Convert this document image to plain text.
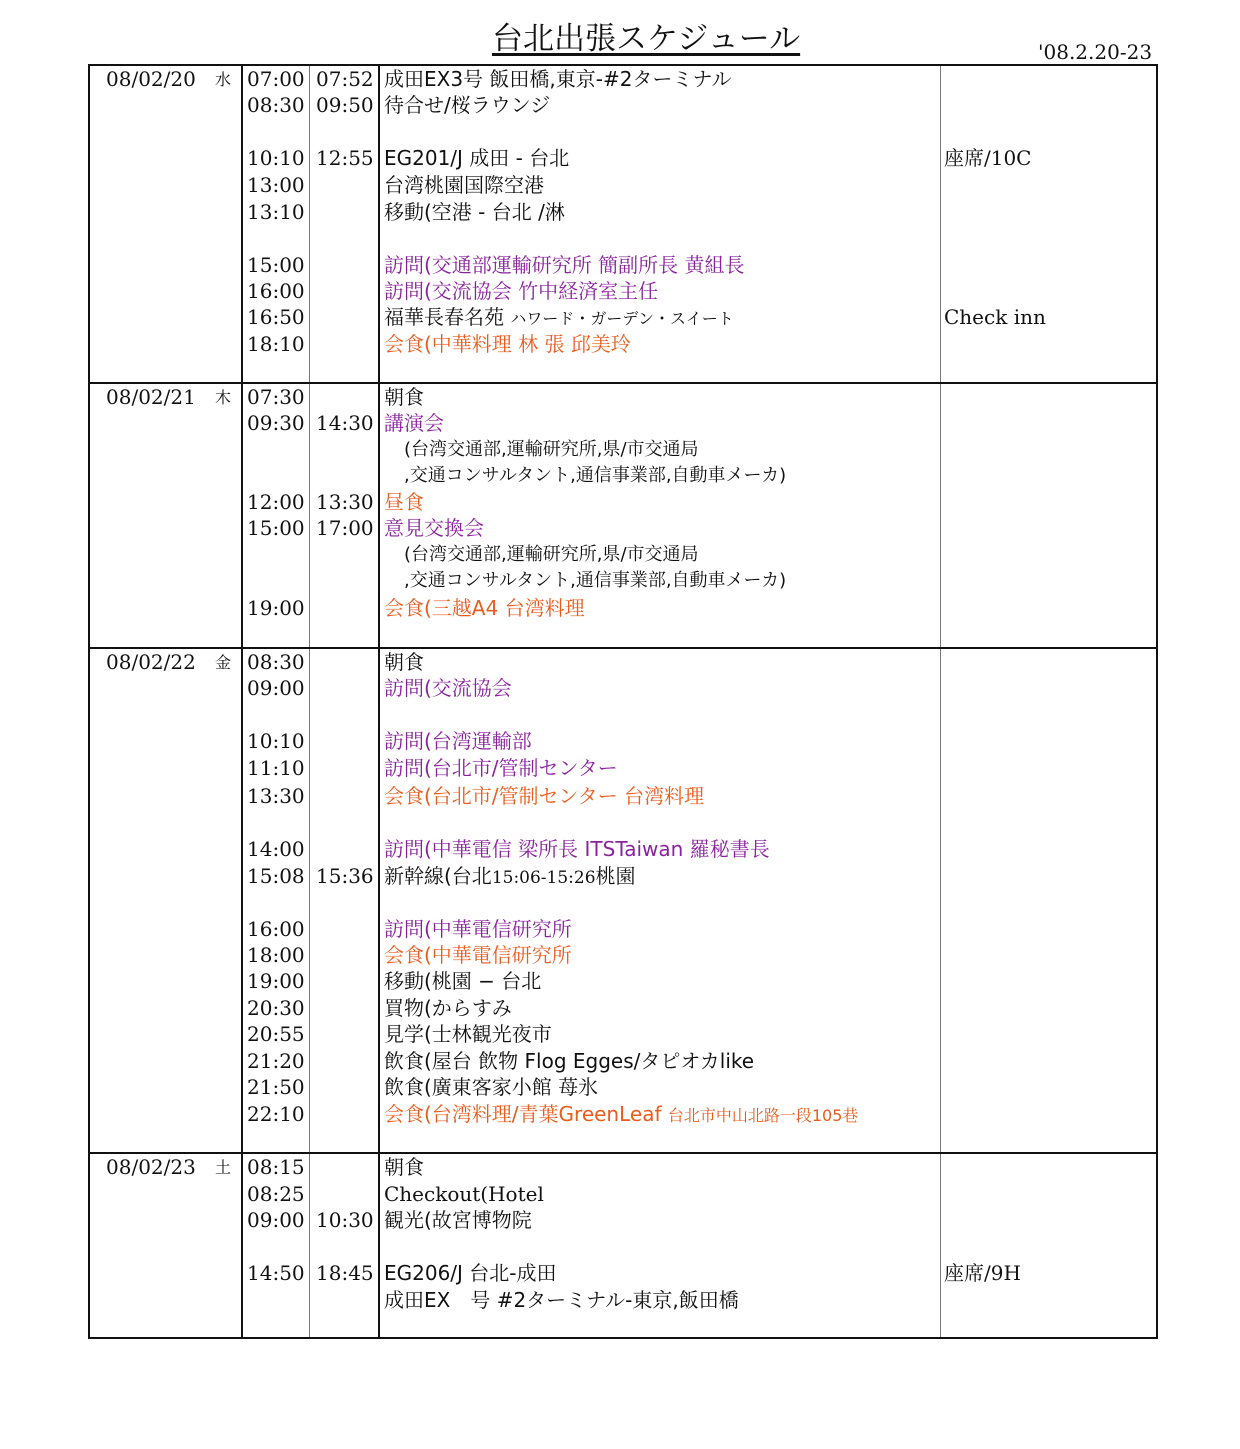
台北出張スケジュール	'08.2.20-23
08/02/20 水 07:00 07:52 成田EX3号 飯田橋,東京-#2ターミナル
08:30 09:50 待合せ/桜ラウンジ
10:10 12:55 EG201/J 成田 - 台北	座席/10C
13:00	台湾桃園国際空港
13:10	移動(空港 - 台北 /淋
15:00	訪問(交通部運輸研究所 簡副所長 黄組長
16:00	訪問(交流協会 竹中経済室主任
16:50	福華長春名苑 ハワード・ガーデン・スイート	Check inn
18:10	会食(中華料理 林 張 邱美玲
08/02/21 木 07:30	朝食
09:30 14:30 講演会
(台湾交通部,運輸研究所,県/市交通局
,交通コンサルタント,通信事業部,自動車メーカ)
12:00 13:30 昼食
15:00 17:00 意見交換会
(台湾交通部,運輸研究所,県/市交通局
,交通コンサルタント,通信事業部,自動車メーカ)
19:00	会食(三越A4 台湾料理
08/02/22 金 08:30	朝食
09:00	訪問(交流協会
10:10	訪問(台湾運輸部
11:10	訪問(台北市/管制センター
13:30	会食(台北市/管制センター 台湾料理
14:00	訪問(中華電信 梁所長 ITSTaiwan 羅秘書長
15:08 15:36 新幹線(台北15:06-15:26桃園
16:00	訪問(中華電信研究所
18:00	会食(中華電信研究所
19:00	移動(桃園 − 台北
20:30	買物(からすみ
20:55	見学(士林観光夜市
21:20	飲食(屋台 飲物 Flog Egges/タピオカlike
21:50	飲食(廣東客家小館 苺氷
22:10	会食(台湾料理/青葉GreenLeaf 台北市中山北路一段105巷
08/02/23 土 08:15	朝食
08:25	Checkout(Hotel
09:00 10:30 観光(故宮博物院
14:50 18:45 EG206/J 台北-成田	座席/9H
成田EX　号 #2ターミナル-東京,飯田橋
